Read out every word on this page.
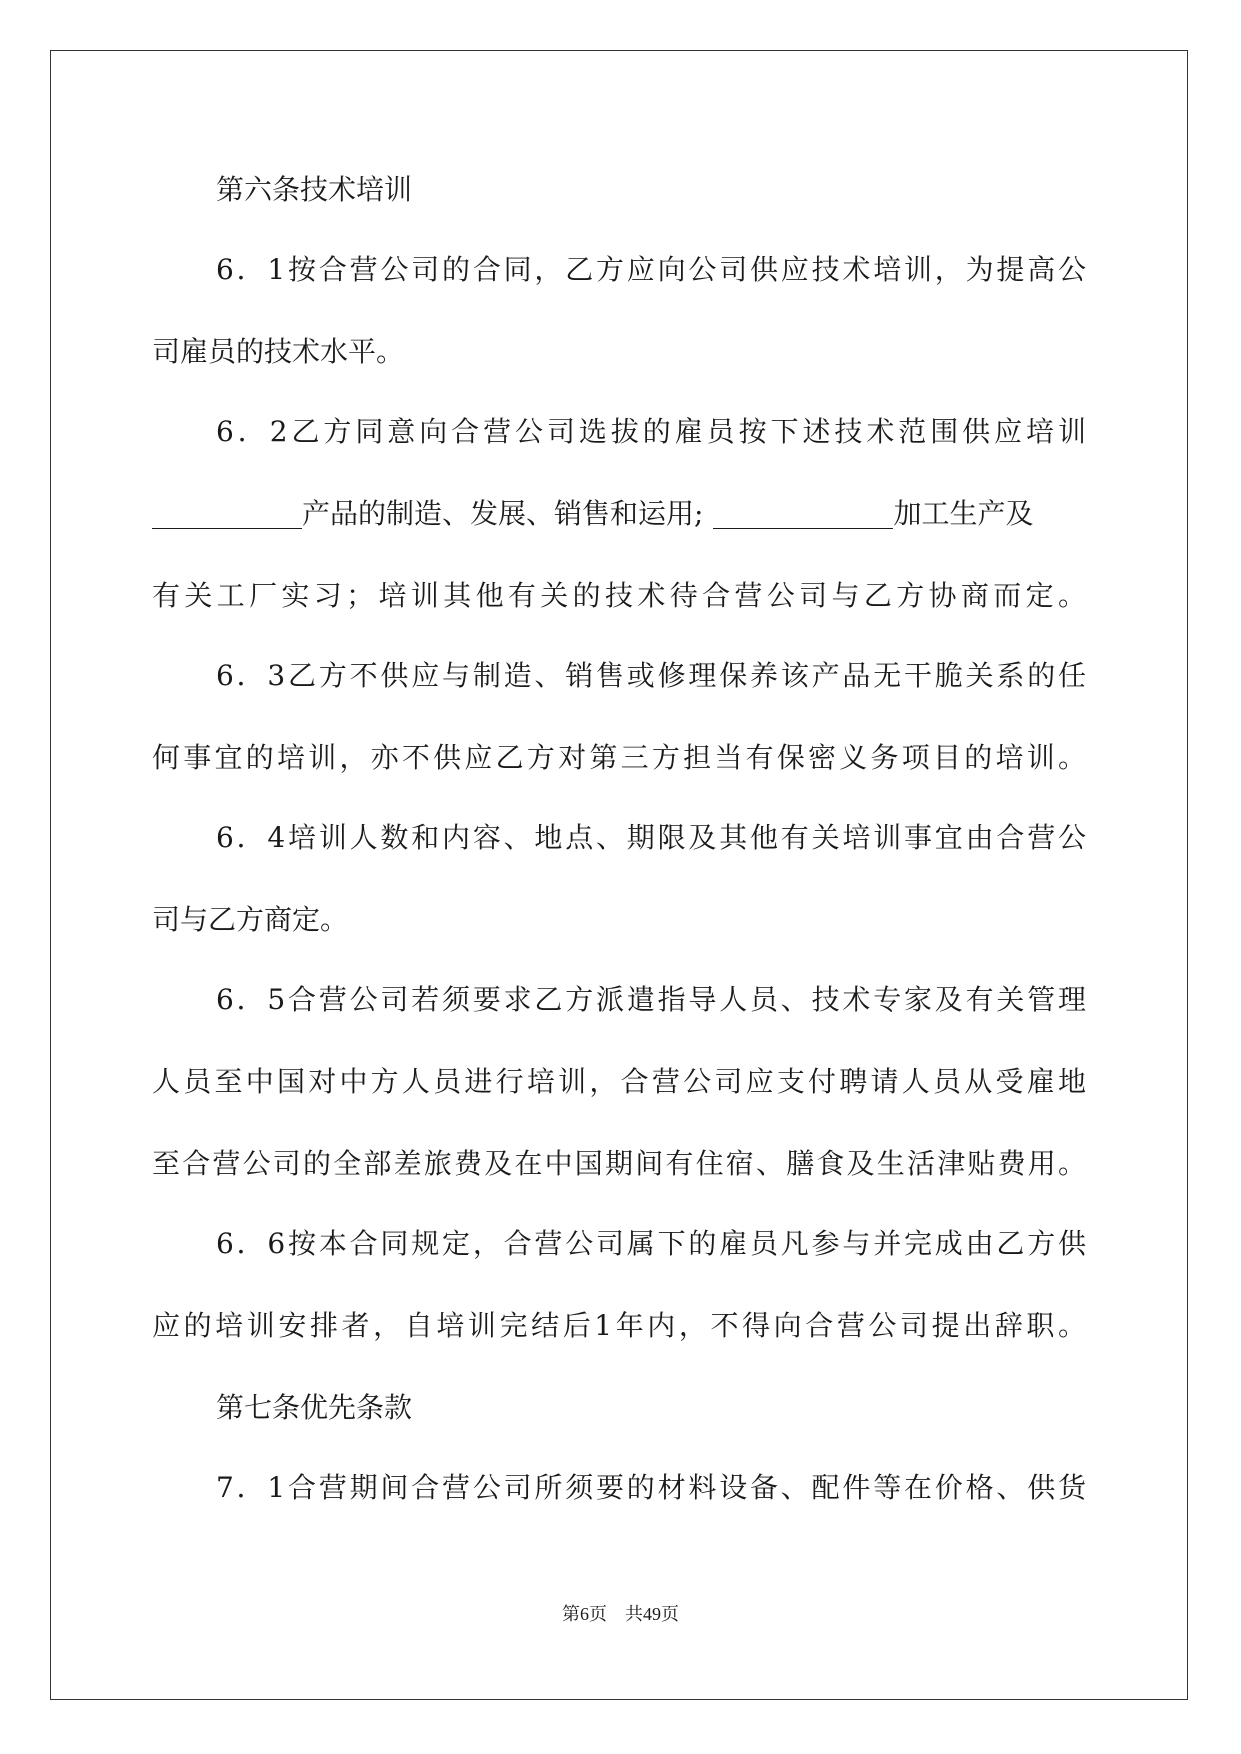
第六条技术培训

6．1按合营公司的合同，乙方应向公司供应技术培训，为提高公

司雇员的技术水平。

6．2乙方同意向合营公司选拔的雇员按下述技术范围供应培训

产品的制造、发展、销售和运用;	加工生产及

有关工厂实习；培训其他有关的技术待合营公司与乙方协商而定。

6．3乙方不供应与制造、销售或修理保养该产品无干脆关系的任

何事宜的培训，亦不供应乙方对第三方担当有保密义务项目的培训。

6．4培训人数和内容、地点、期限及其他有关培训事宜由合营公

司与乙方商定。

6．5合营公司若须要求乙方派遣指导人员、技术专家及有关管理

人员至中国对中方人员进行培训，合营公司应支付聘请人员从受雇地

至合营公司的全部差旅费及在中国期间有住宿、膳食及生活津贴费用。

6．6按本合同规定，合营公司属下的雇员凡参与并完成由乙方供

应的培训安排者，自培训完结后1年内，不得向合营公司提出辞职。

第七条优先条款

7．1合营期间合营公司所须要的材料设备、配件等在价格、供货

第6页　共49页
